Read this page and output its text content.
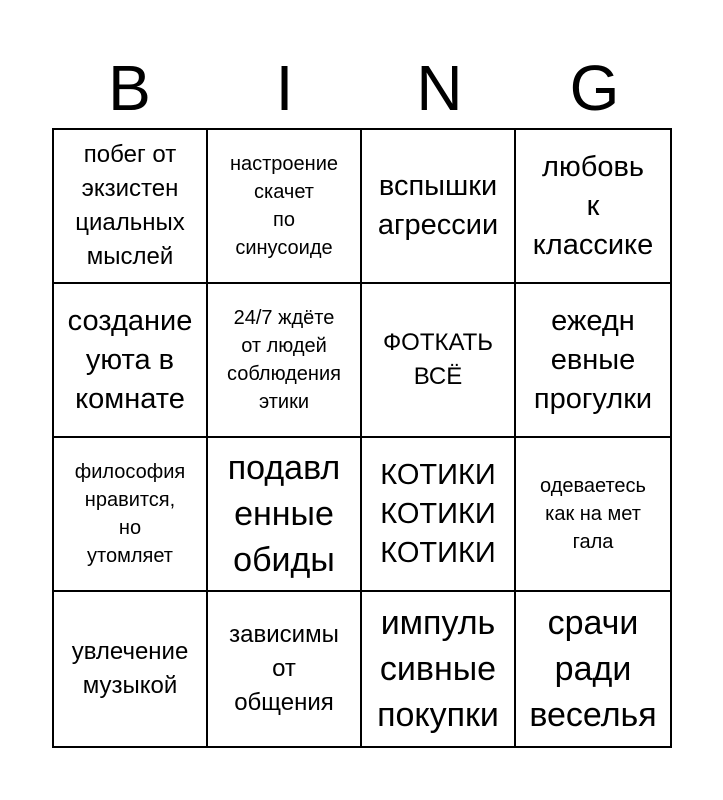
B	I	N	G
побег от
экзистен
циальных
мыслей
настроение
скачет
по
синусоиде
вспышки
агрессии
любовь
к
классике
создание
уюта в
комнате
24/7 ждёте
от людей
соблюдения
этики
ФОТКАТЬ
ВСЁ
ежедн
евные
прогулки
философия
нравится,
но
утомляет
подавл
енные
обиды
КОТИКИ
КОТИКИ
КОТИКИ
одеваетесь
как на мет
гала
увлечение
музыкой
зависимы
от
общения
импуль
сивные
покупки
срачи
ради
веселья
